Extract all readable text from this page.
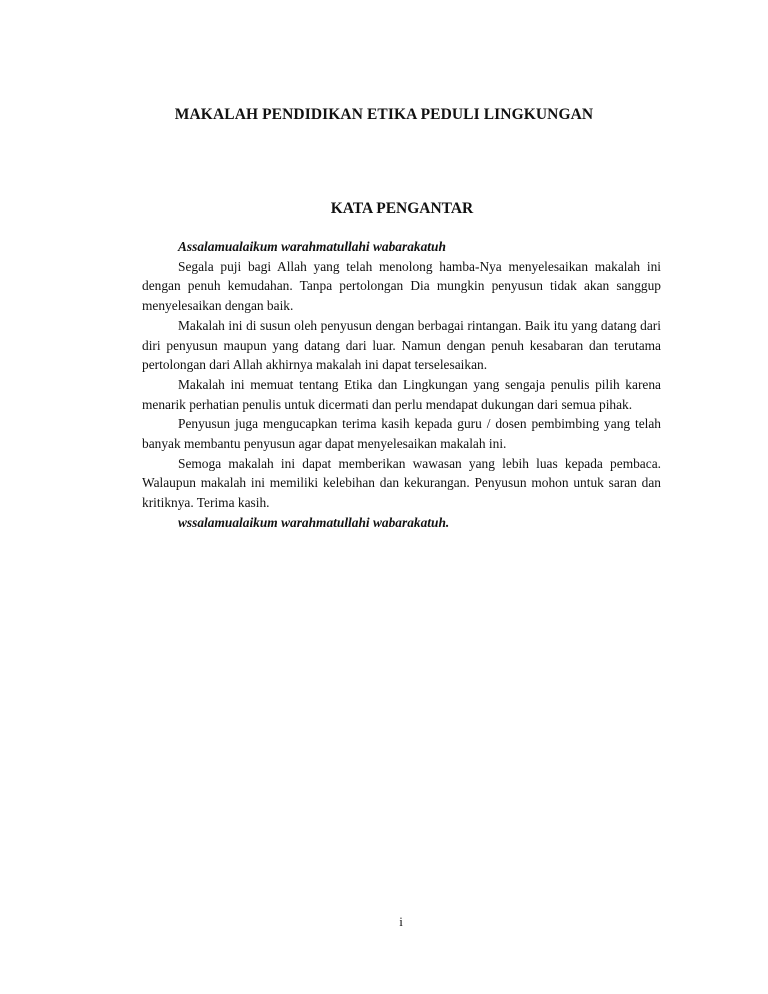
MAKALAH PENDIDIKAN ETIKA PEDULI LINGKUNGAN
KATA PENGANTAR

Assalamualaikum warahmatullahi wabarakatuh

Segala puji bagi Allah yang telah menolong hamba-Nya menyelesaikan makalah ini dengan penuh kemudahan. Tanpa pertolongan Dia mungkin penyusun tidak akan sanggup menyelesaikan dengan baik.

Makalah ini di susun oleh penyusun dengan berbagai rintangan. Baik itu yang datang dari diri penyusun maupun yang datang dari luar. Namun dengan penuh kesabaran dan terutama pertolongan dari Allah akhirnya makalah ini dapat terselesaikan.

Makalah ini memuat tentang Etika dan Lingkungan yang sengaja penulis pilih karena menarik perhatian penulis untuk dicermati dan perlu mendapat dukungan dari semua pihak.

Penyusun juga mengucapkan terima kasih kepada guru / dosen pembimbing yang telah banyak membantu penyusun agar dapat menyelesaikan makalah ini.

Semoga makalah ini dapat memberikan wawasan yang lebih luas kepada pembaca. Walaupun makalah ini memiliki kelebihan dan kekurangan. Penyusun mohon untuk saran dan kritiknya. Terima kasih.

wssalamualaikum warahmatullahi wabarakatuh.

i
